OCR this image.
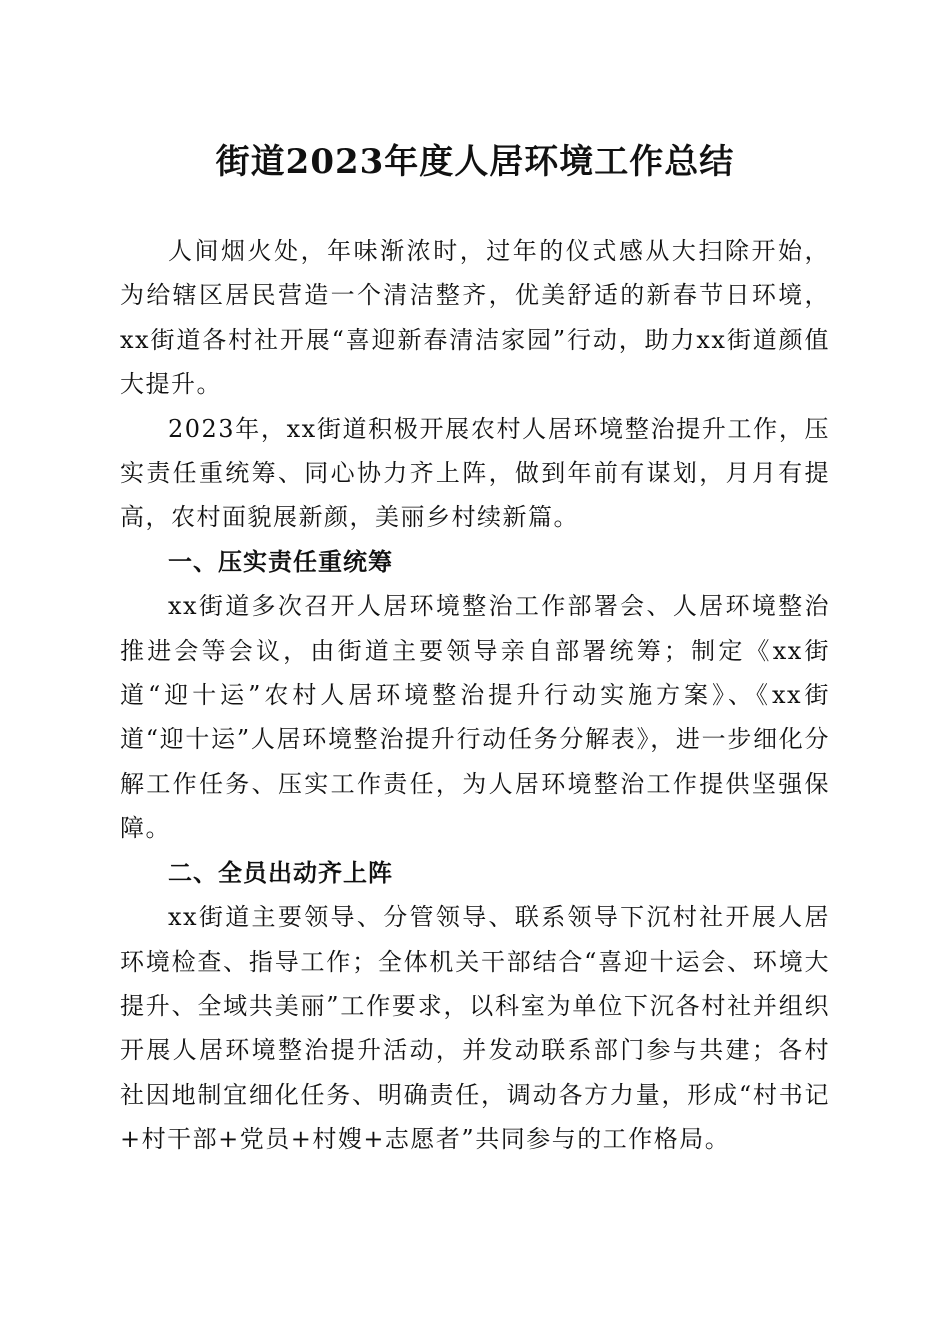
街道2023年度人居环境工作总结

人间烟火处，年味渐浓时，过年的仪式感从大扫除开始，为给辖区居民营造一个清洁整齐，优美舒适的新春节日环境，xx街道各村社开展“喜迎新春清洁家园”行动，助力xx街道颜值大提升。

2023年，xx街道积极开展农村人居环境整治提升工作，压实责任重统筹、同心协力齐上阵，做到年前有谋划，月月有提高，农村面貌展新颜，美丽乡村续新篇。

一、压实责任重统筹

xx街道多次召开人居环境整治工作部署会、人居环境整治推进会等会议，由街道主要领导亲自部署统筹；制定《xx街道“迎十运”农村人居环境整治提升行动实施方案》、《xx街道“迎十运”人居环境整治提升行动任务分解表》，进一步细化分解工作任务、压实工作责任，为人居环境整治工作提供坚强保障。

二、全员出动齐上阵

xx街道主要领导、分管领导、联系领导下沉村社开展人居环境检查、指导工作；全体机关干部结合“喜迎十运会、环境大提升、全域共美丽”工作要求，以科室为单位下沉各村社并组织开展人居环境整治提升活动，并发动联系部门参与共建；各村社因地制宜细化任务、明确责任，调动各方力量，形成“村书记+村干部+党员+村嫂+志愿者”共同参与的工作格局。
